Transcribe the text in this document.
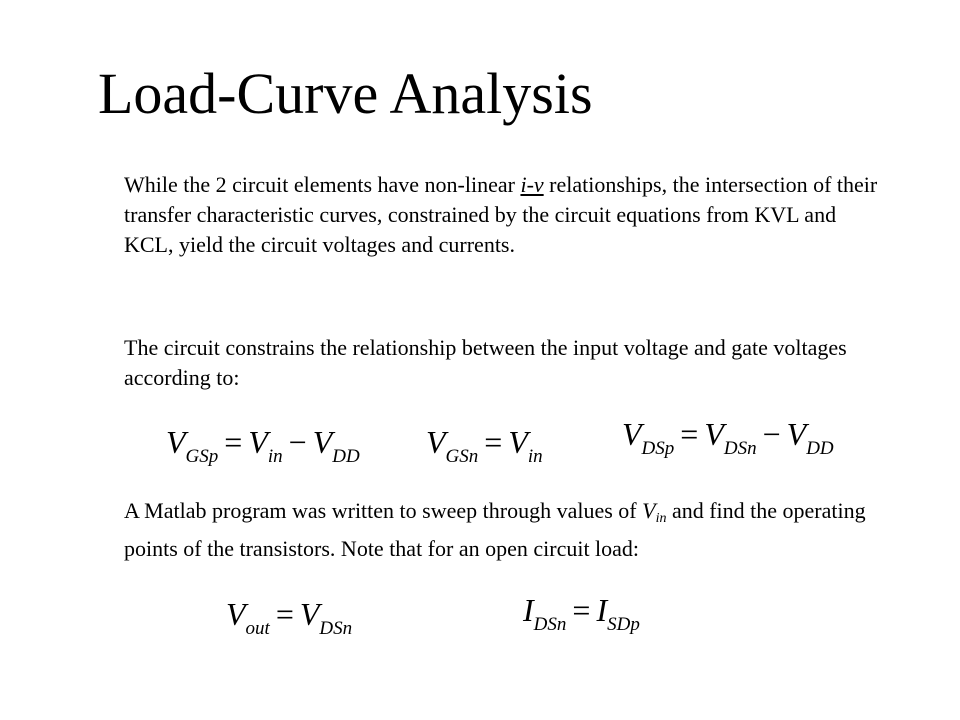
Load-Curve Analysis

While the 2 circuit elements have non-linear i-v relationships, the intersection of their transfer characteristic curves, constrained by the circuit equations from KVL and KCL, yield the circuit voltages and currents.

The circuit constrains the relationship between the input voltage and gate voltages according to:

$V_{GSp} = V_{in} - V_{DD}$ $V_{GSn} = V_{in}$
$V_{DSp} = V_{DSn} - V_{DD}$

A Matlab program was written to sweep through values of $V_{in}$ and find the operating points of the transistors. Note that for an open circuit load:

$V_{out} = V_{DSn}$
$I_{DSn} = I_{SDp}$
